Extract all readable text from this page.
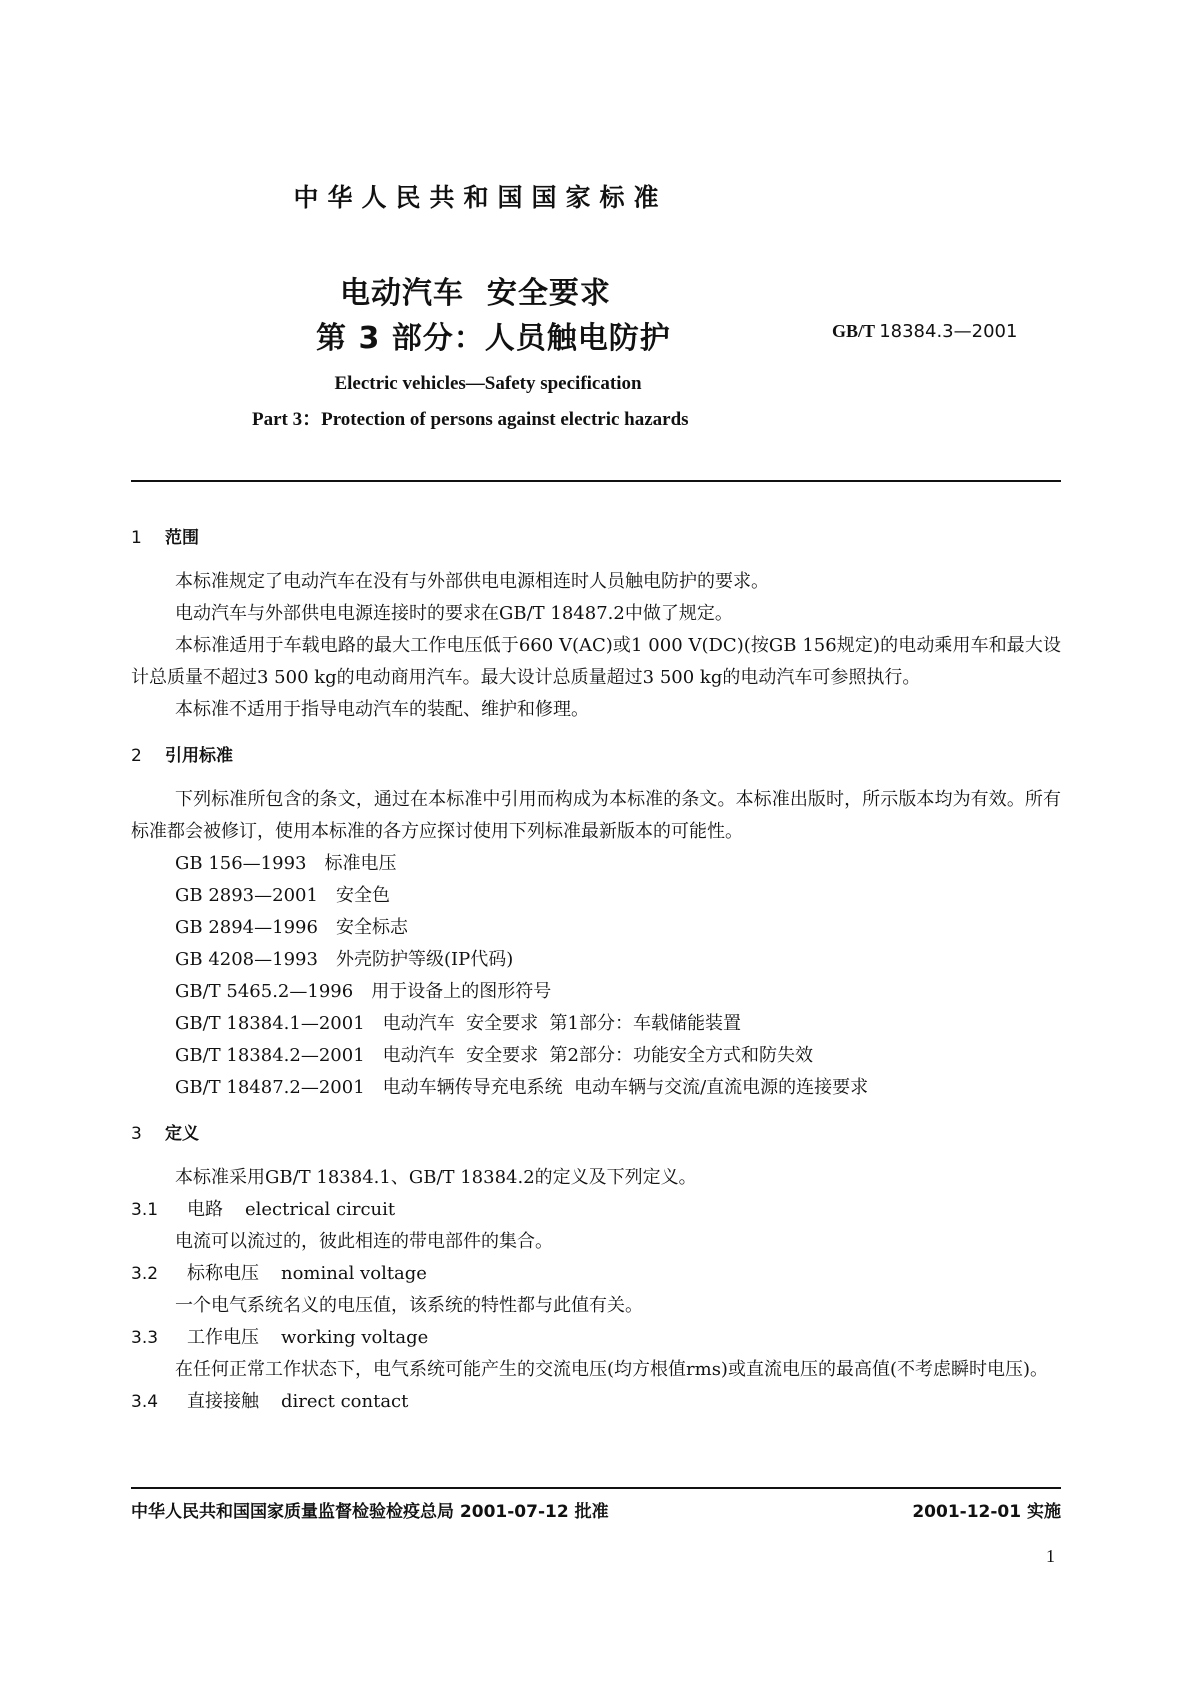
中华人民共和国国家标准
电动汽车  安全要求
第 3 部分：人员触电防护	GB/T 18384.3—2001
Electric vehicles—Safety specification
Part 3：Protection of persons against electric hazards

1 范围

本标准规定了电动汽车在没有与外部供电电源相连时人员触电防护的要求。

电动汽车与外部供电电源连接时的要求在GB/T 18487.2中做了规定。

本标准适用于车载电路的最大工作电压低于660 V(AC)或1 000 V(DC)(按GB 156规定)的电动乘用车和最大设计总质量不超过3 500 kg的电动商用汽车。最大设计总质量超过3 500 kg的电动汽车可参照执行。

本标准不适用于指导电动汽车的装配、维护和修理。

2 引用标准

下列标准所包含的条文，通过在本标准中引用而构成为本标准的条文。本标准出版时，所示版本均为有效。所有标准都会被修订，使用本标准的各方应探讨使用下列标准最新版本的可能性。

GB 156—1993 标准电压

GB 2893—2001 安全色

GB 2894—1996 安全标志

GB 4208—1993 外壳防护等级(IP代码)

GB/T 5465.2—1996 用于设备上的图形符号

GB/T 18384.1—2001 电动汽车  安全要求  第1部分：车载储能装置

GB/T 18384.2—2001 电动汽车  安全要求  第2部分：功能安全方式和防失效

GB/T 18487.2—2001 电动车辆传导充电系统  电动车辆与交流/直流电源的连接要求

3 定义

本标准采用GB/T 18384.1、GB/T 18384.2的定义及下列定义。

3.1 电路 electrical circuit

电流可以流过的，彼此相连的带电部件的集合。

3.2 标称电压 nominal voltage

一个电气系统名义的电压值，该系统的特性都与此值有关。

3.3 工作电压 working voltage

在任何正常工作状态下，电气系统可能产生的交流电压(均方根值rms)或直流电压的最高值(不考虑瞬时电压)。

3.4 直接接触 direct contact

中华人民共和国国家质量监督检验检疫总局 2001-07-12 批准	2001-12-01 实施
1
